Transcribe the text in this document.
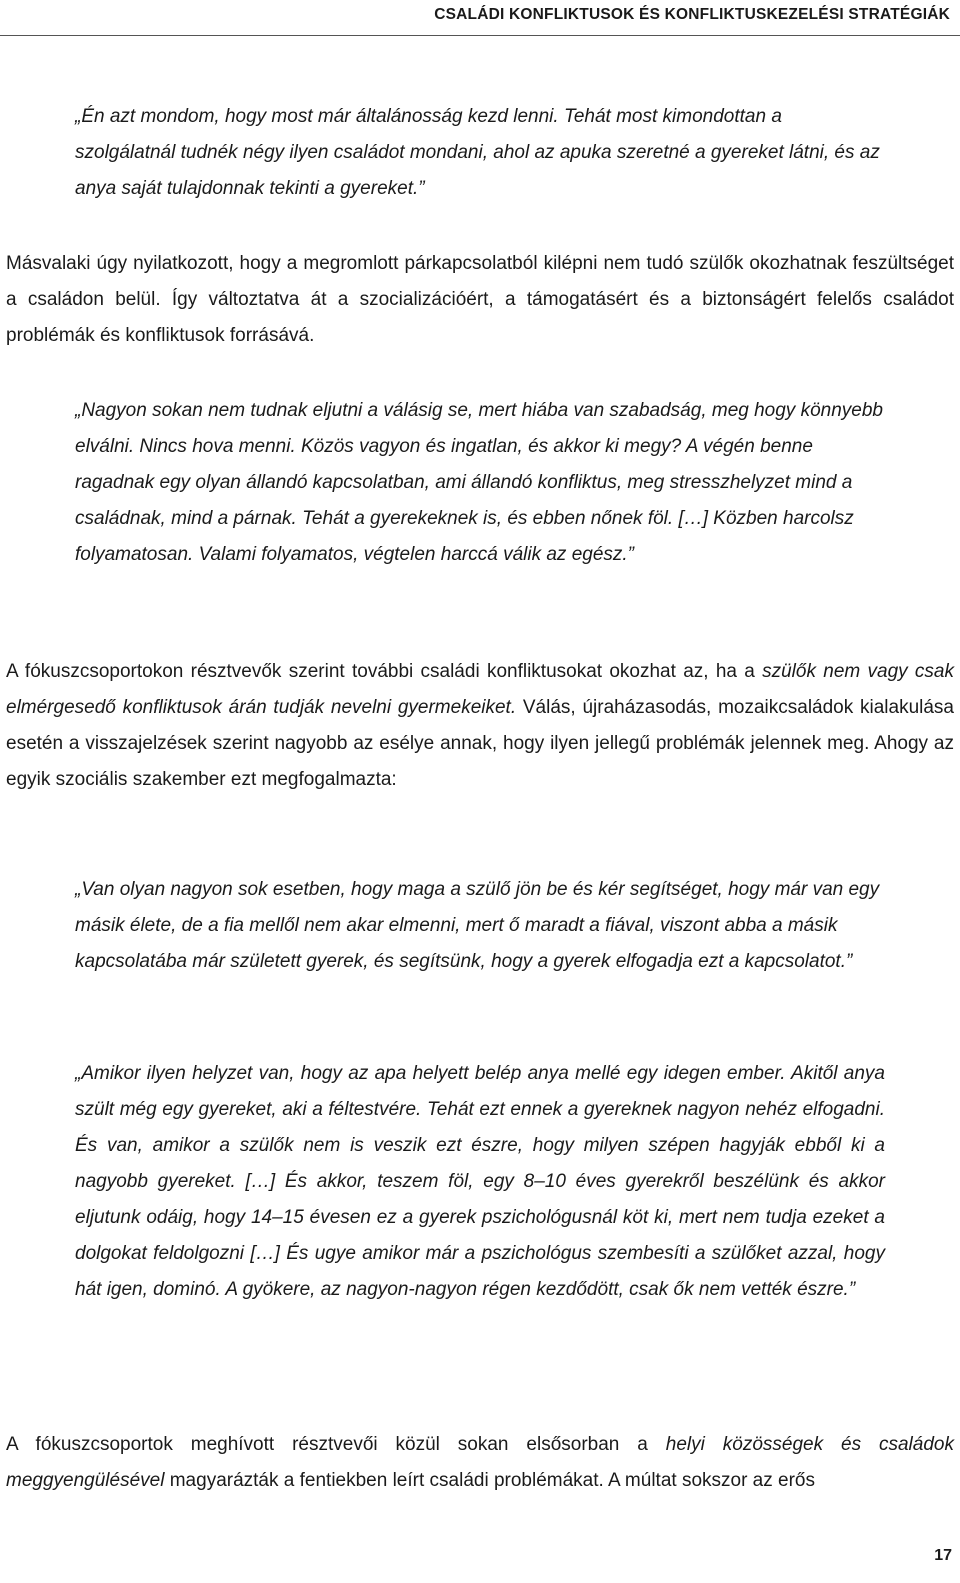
CSALÁDI KONFLIKTUSOK ÉS KONFLIKTUSKEZELÉSI STRATÉGIÁK
„Én azt mondom, hogy most már általánosság kezd lenni. Tehát most kimondottan a szolgálatnál tudnék négy ilyen családot mondani, ahol az apuka szeretné a gyereket látni, és az anya saját tulajdonnak tekinti a gyereket.”
Másvalaki úgy nyilatkozott, hogy a megromlott párkapcsolatból kilépni nem tudó szülők okozhatnak feszültséget a családon belül. Így változtatva át a szocializációért, a támogatásért és a biztonságért felelős családot problémák és konfliktusok forrásává.
„Nagyon sokan nem tudnak eljutni a válásig se, mert hiába van szabadság, meg hogy könnyebb elválni. Nincs hova menni. Közös vagyon és ingatlan, és akkor ki megy? A végén benne ragadnak egy olyan állandó kapcsolatban, ami állandó konfliktus, meg stresszhelyzet mind a családnak, mind a párnak. Tehát a gyerekeknek is, és ebben nőnek föl. […] Közben harcolsz folyamatosan. Valami folyamatos, végtelen harccá válik az egész.”
A fókuszcsoportokon résztvevők szerint további családi konfliktusokat okozhat az, ha a szülők nem vagy csak elmérgesedő konfliktusok árán tudják nevelni gyermekeiket. Válás, újraházasodás, mozaikcsaládok kialakulása esetén a visszajelzések szerint nagyobb az esélye annak, hogy ilyen jellegű problémák jelennek meg. Ahogy az egyik szociális szakember ezt megfogalmazta:
„Van olyan nagyon sok esetben, hogy maga a szülő jön be és kér segítséget, hogy már van egy másik élete, de a fia mellől nem akar elmenni, mert ő maradt a fiával, viszont abba a másik kapcsolatába már született gyerek, és segítsünk, hogy a gyerek elfogadja ezt a kapcsolatot.”
„Amikor ilyen helyzet van, hogy az apa helyett belép anya mellé egy idegen ember. Akitől anya szült még egy gyereket, aki a féltestvére. Tehát ezt ennek a gyereknek nagyon nehéz elfogadni. És van, amikor a szülők nem is veszik ezt észre, hogy milyen szépen hagyják ebből ki a nagyobb gyereket. […] És akkor, teszem föl, egy 8–10 éves gyerekről beszélünk és akkor eljutunk odáig, hogy 14–15 évesen ez a gyerek pszichológusnál köt ki, mert nem tudja ezeket a dolgokat feldolgozni […] És ugye amikor már a pszichológus szembesíti a szülőket azzal, hogy hát igen, dominó. A gyökere, az nagyon-nagyon régen kezdődött, csak ők nem vették észre.”
A fókuszcsoportok meghívott résztvevői közül sokan elsősorban a helyi közösségek és családok meggyengülésével magyarázták a fentiekben leírt családi problémákat. A múltat sokszor az erős
17
